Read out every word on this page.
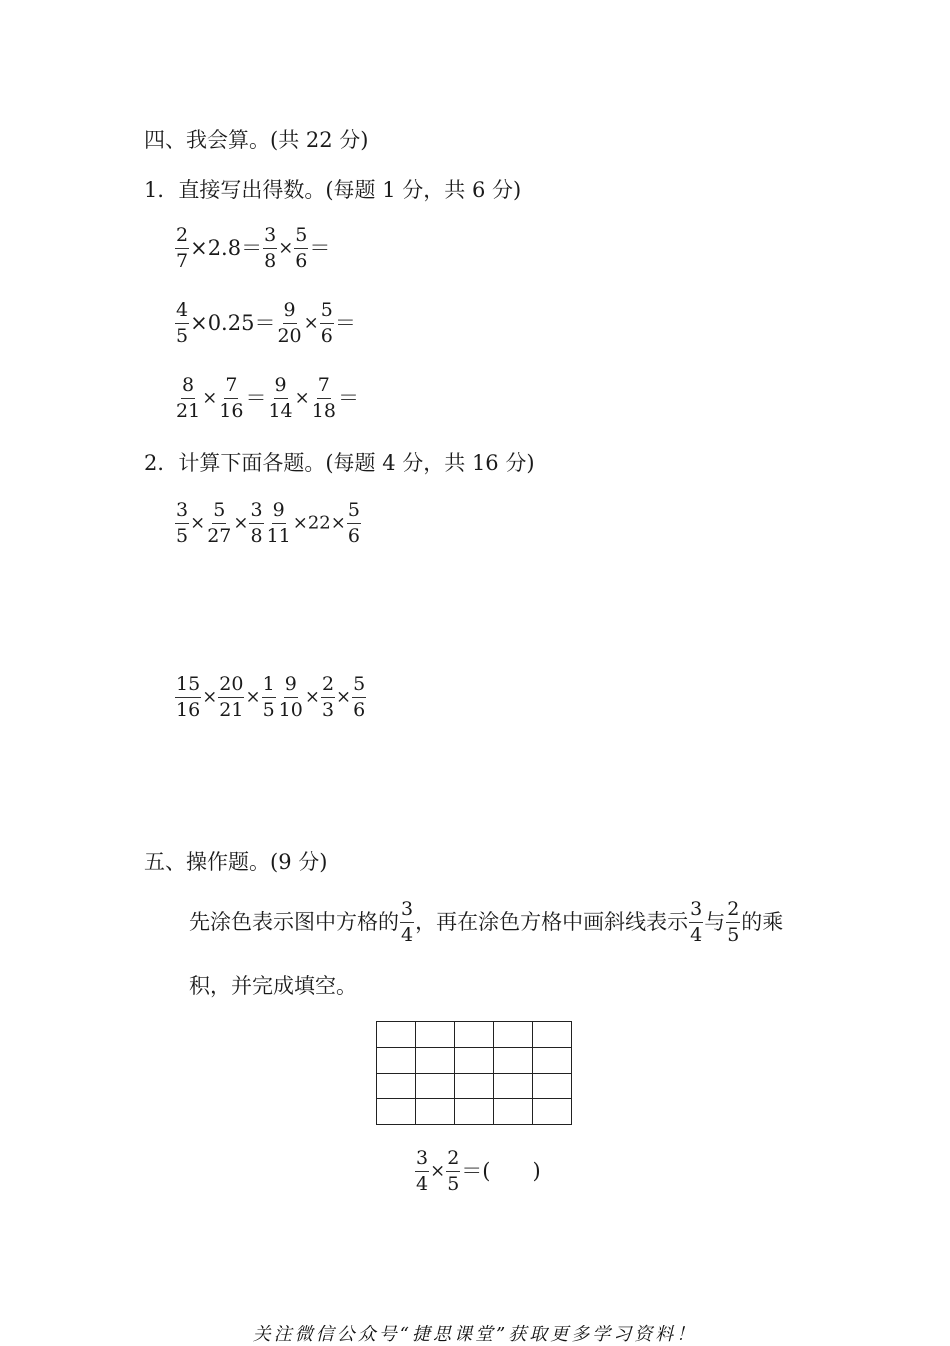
四、我会算。(共 22 分)
1．直接写出得数。(每题 1 分，共 6 分)
$\frac{2}{7} \times 2.8= \frac{3}{8} \times \frac{5}{6}$ ＝
$\frac{4}{5} \times 0.25= \frac{9}{20} \times \frac{5}{6}$ ＝
$\frac{8}{21} \times \frac{7}{16} = \frac{9}{14} \times \frac{7}{18}$ ＝
2．计算下面各题。(每题 4 分，共 16 分)
$\frac{3}{5} \times \frac{5}{27} \times \frac{3}{8} \frac{9}{11} \times 22\times \frac{5}{6}$
$\frac{15}{16} \times \frac{20}{21} \times \frac{1}{5} \frac{9}{10} \times \frac{2}{3} \times \frac{5}{6}$
五、操作题。(9 分)
先涂色表示图中方格的 $\frac{3}{4}$ ，再在涂色方格中画斜线表示 $\frac{3}{4}$ 与 $\frac{2}{5}$ 的乘
积，并完成填空。
$\frac{3}{4} \times \frac{2}{5}$ ＝(　　)
关注微信公众号“捷思课堂”获取更多学习资料！
